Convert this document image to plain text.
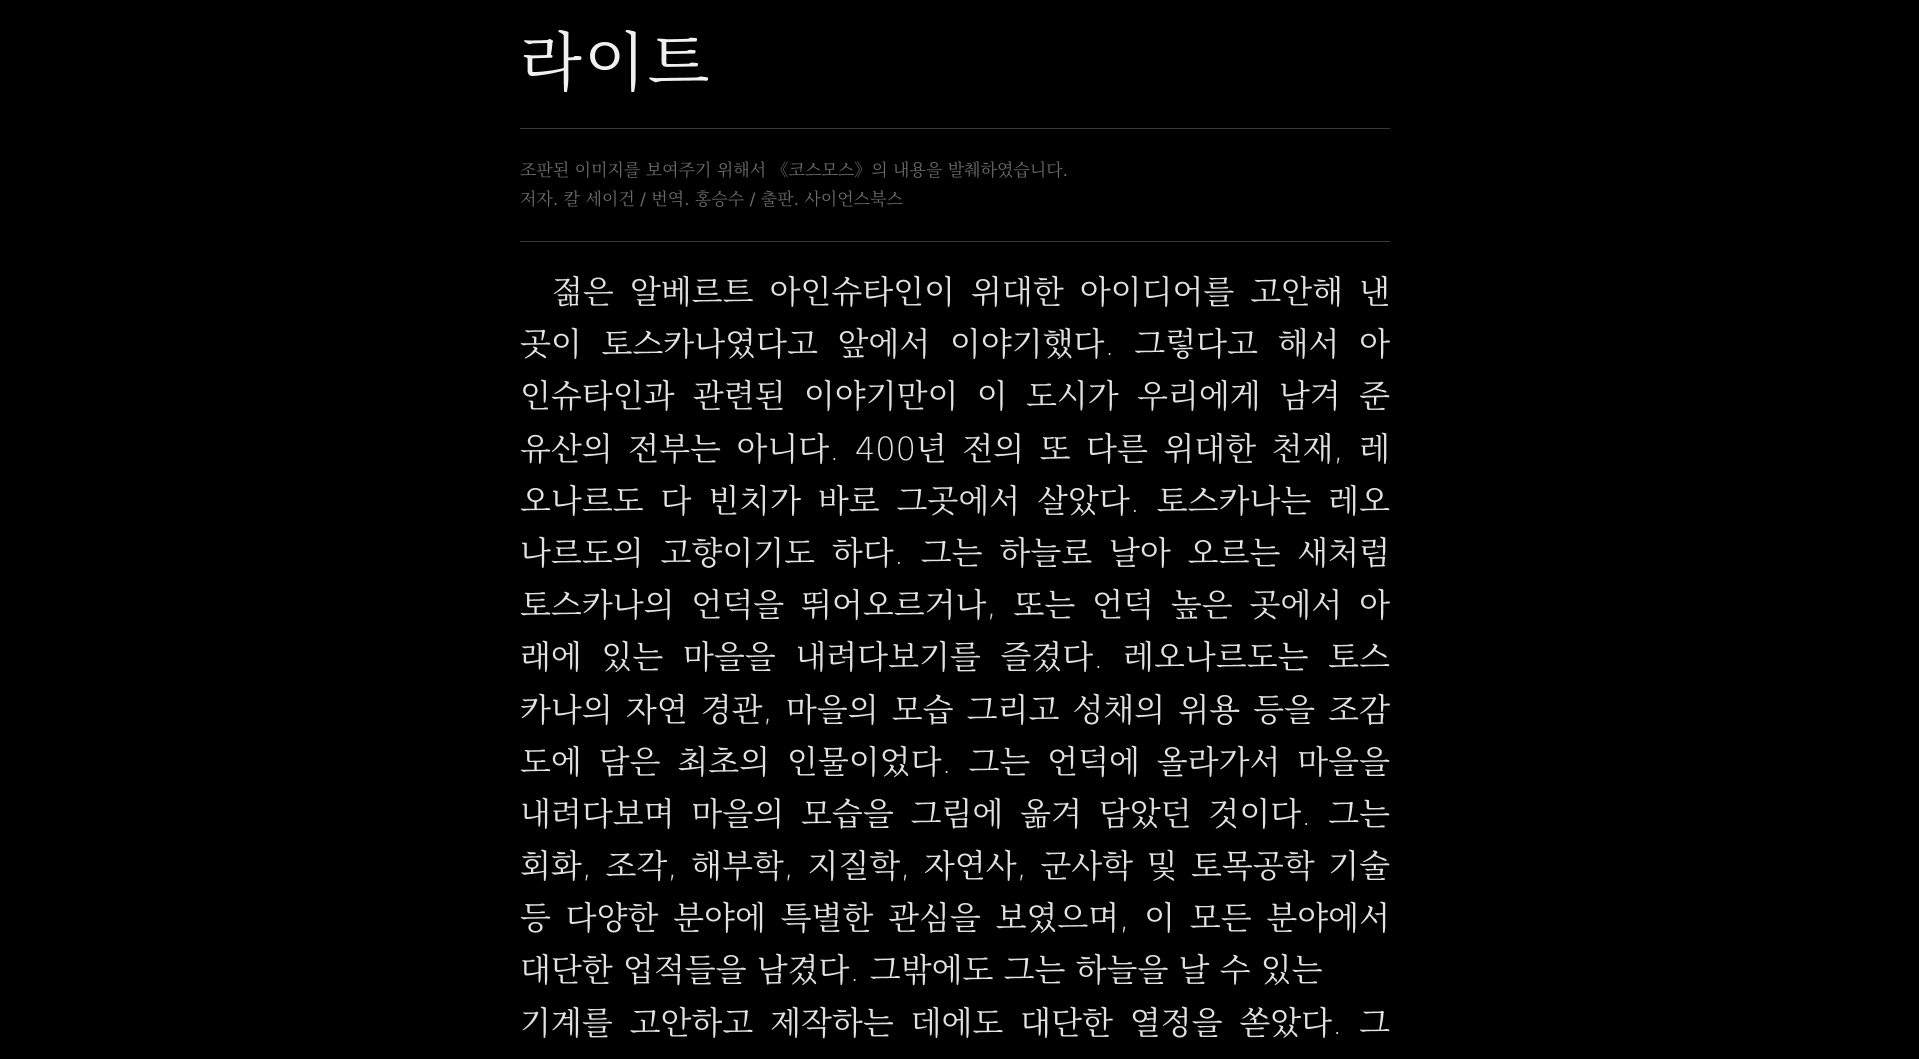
라이트
조판된 이미지를 보여주기 위해서 《코스모스》의 내용을 발췌하였습니다.
저자. 칼 세이건 / 번역. 홍승수 / 출판. 사이언스북스
젊은 알베르트 아인슈타인이 위대한 아이디어를 고안해 낸
곳이 토스카나였다고 앞에서 이야기했다. 그렇다고 해서 아
인슈타인과 관련된 이야기만이 이 도시가 우리에게 남겨 준
유산의 전부는 아니다. 400년 전의 또 다른 위대한 천재, 레
오나르도 다 빈치가 바로 그곳에서 살았다. 토스카나는 레오
나르도의 고향이기도 하다. 그는 하늘로 날아 오르는 새처럼
토스카나의 언덕을 뛰어오르거나, 또는 언덕 높은 곳에서 아
래에 있는 마을을 내려다보기를 즐겼다. 레오나르도는 토스
카나의 자연 경관, 마을의 모습 그리고 성채의 위용 등을 조감
도에 담은 최초의 인물이었다. 그는 언덕에 올라가서 마을을
내려다보며 마을의 모습을 그림에 옮겨 담았던 것이다. 그는
회화, 조각, 해부학, 지질학, 자연사, 군사학 및 토목공학 기술
등 다양한 분야에 특별한 관심을 보였으며, 이 모든 분야에서
대단한 업적들을 남겼다. 그밖에도 그는 하늘을 날 수 있는
기계를 고안하고 제작하는 데에도 대단한 열정을 쏟았다. 그
